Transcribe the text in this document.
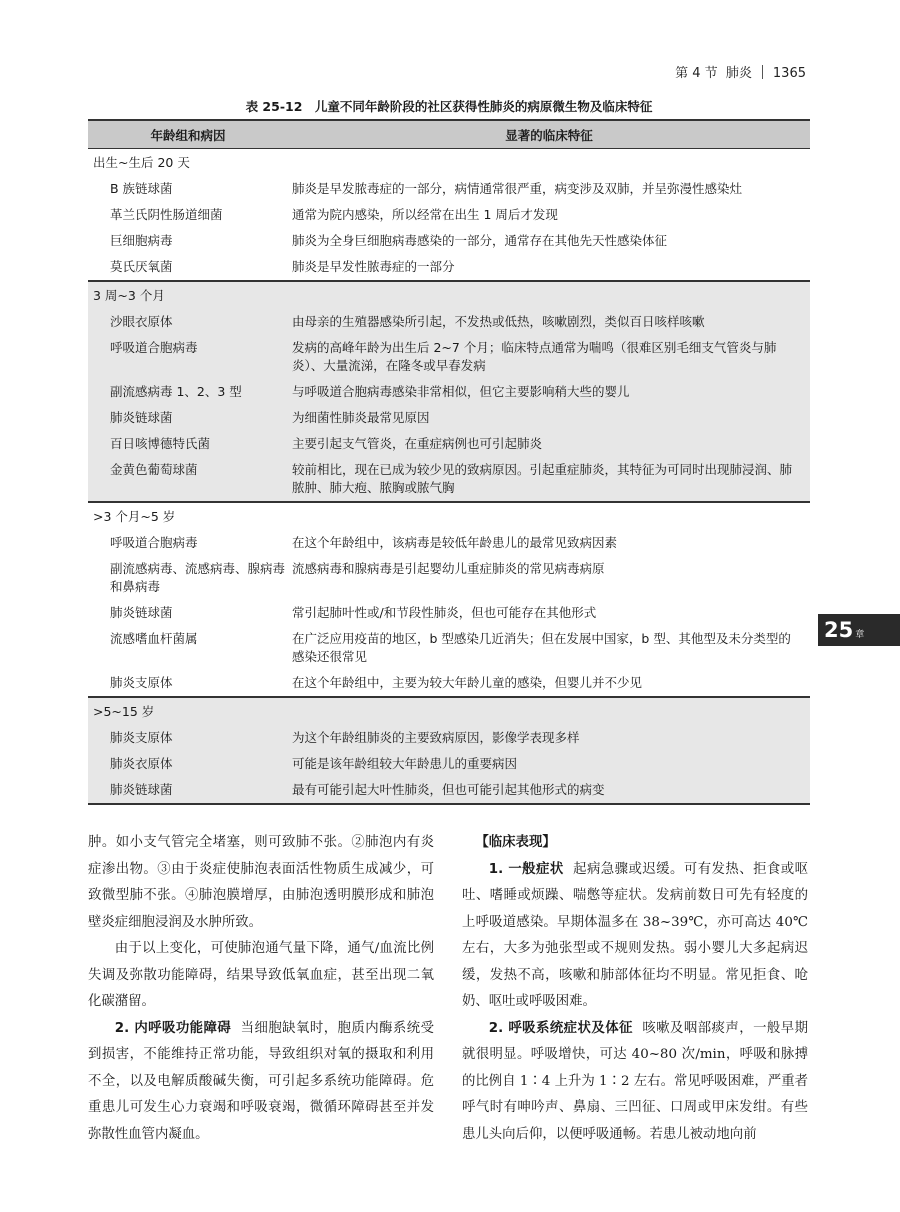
第 4 节 肺炎 1365
表 25-12　儿童不同年龄阶段的社区获得性肺炎的病原微生物及临床特征
年龄组和病因	显著的临床特征
出生~生后 20 天	
B 族链球菌	肺炎是早发脓毒症的一部分，病情通常很严重，病变涉及双肺，并呈弥漫性感染灶
革兰氏阴性肠道细菌	通常为院内感染，所以经常在出生 1 周后才发现
巨细胞病毒	肺炎为全身巨细胞病毒感染的一部分，通常存在其他先天性感染体征
莫氏厌氧菌	肺炎是早发性脓毒症的一部分
3 周~3 个月	
沙眼衣原体	由母亲的生殖器感染所引起，不发热或低热，咳嗽剧烈，类似百日咳样咳嗽
呼吸道合胞病毒	发病的高峰年龄为出生后 2~7 个月；临床特点通常为喘鸣（很难区别毛细支气管炎与肺炎）、大量流涕，在隆冬或早春发病
副流感病毒 1、2、3 型	与呼吸道合胞病毒感染非常相似，但它主要影响稍大些的婴儿
肺炎链球菌	为细菌性肺炎最常见原因
百日咳博德特氏菌	主要引起支气管炎，在重症病例也可引起肺炎
金黄色葡萄球菌	较前相比，现在已成为较少见的致病原因。引起重症肺炎，其特征为可同时出现肺浸润、肺脓肿、肺大疱、脓胸或脓气胸
>3 个月~5 岁	
呼吸道合胞病毒	在这个年龄组中，该病毒是较低年龄患儿的最常见致病因素
副流感病毒、流感病毒、腺病毒和鼻病毒	流感病毒和腺病毒是引起婴幼儿重症肺炎的常见病毒病原
肺炎链球菌	常引起肺叶性或/和节段性肺炎，但也可能存在其他形式
流感嗜血杆菌属	在广泛应用疫苗的地区，b 型感染几近消失；但在发展中国家，b 型、其他型及未分类型的感染还很常见
肺炎支原体	在这个年龄组中，主要为较大年龄儿童的感染，但婴儿并不少见
>5~15 岁	
肺炎支原体	为这个年龄组肺炎的主要致病原因，影像学表现多样
肺炎衣原体	可能是该年龄组较大年龄患儿的重要病因
肺炎链球菌	最有可能引起大叶性肺炎，但也可能引起其他形式的病变
25 章

肿。如小支气管完全堵塞，则可致肺不张。②肺泡内有炎症渗出物。③由于炎症使肺泡表面活性物质生成减少，可致微型肺不张。④肺泡膜增厚，由肺泡透明膜形成和肺泡壁炎症细胞浸润及水肿所致。

由于以上变化，可使肺泡通气量下降，通气/血流比例失调及弥散功能障碍，结果导致低氧血症，甚至出现二氧化碳潴留。

2. 内呼吸功能障碍 当细胞缺氧时，胞质内酶系统受到损害，不能维持正常功能，导致组织对氧的摄取和利用不全，以及电解质酸碱失衡，可引起多系统功能障碍。危重患儿可发生心力衰竭和呼吸衰竭，微循环障碍甚至并发弥散性血管内凝血。

【临床表现】

1. 一般症状 起病急骤或迟缓。可有发热、拒食或呕吐、嗜睡或烦躁、喘憋等症状。发病前数日可先有轻度的上呼吸道感染。早期体温多在 38~39℃，亦可高达 40℃左右，大多为弛张型或不规则发热。弱小婴儿大多起病迟缓，发热不高，咳嗽和肺部体征均不明显。常见拒食、呛奶、呕吐或呼吸困难。

2. 呼吸系统症状及体征 咳嗽及咽部痰声，一般早期就很明显。呼吸增快，可达 40~80 次/min，呼吸和脉搏的比例自 1∶4 上升为 1∶2 左右。常见呼吸困难，严重者呼气时有呻吟声、鼻扇、三凹征、口周或甲床发绀。有些患儿头向后仰，以便呼吸通畅。若患儿被动地向前
